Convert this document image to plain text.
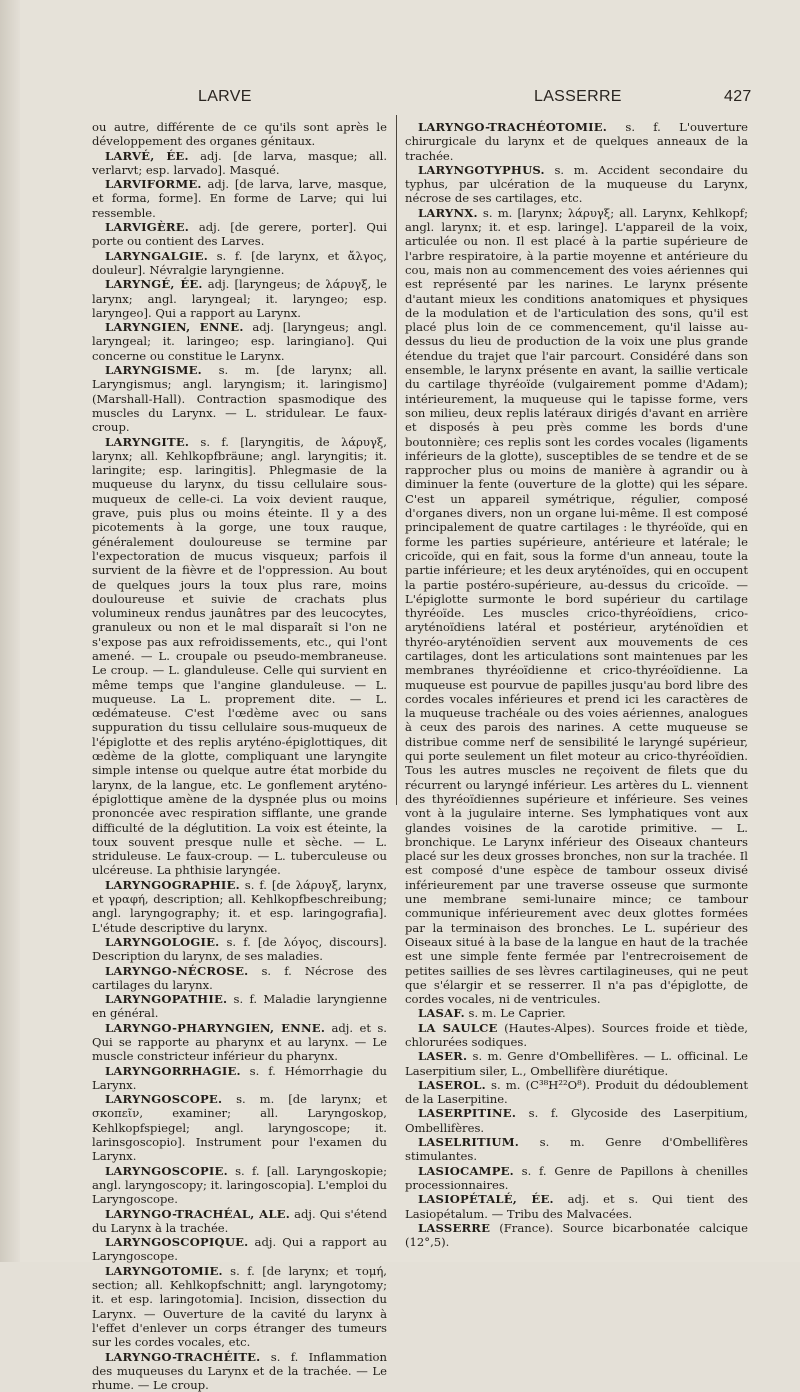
LARVE	LASSERRE	427

ou autre, différente de ce qu'ils sont après le développement des organes génitaux.

LARVÉ, ÉE. adj. [de larva, masque; all. verlarvt; esp. larvado]. Masqué.

LARVIFORME. adj. [de larva, larve, masque, et forma, forme]. En forme de Larve; qui lui ressemble.

LARVIGÈRE. adj. [de gerere, porter]. Qui porte ou contient des Larves.

LARYNGALGIE. s. f. [de larynx, et ἄλγος, douleur]. Névralgie laryngienne.

LARYNGÉ, ÉE. adj. [laryngeus; de λάρυγξ, le larynx; angl. laryngeal; it. laryngeo; esp. laryngeo]. Qui a rapport au Larynx.

LARYNGIEN, ENNE. adj. [laryngeus; angl. laryngeal; it. laringeo; esp. laringiano]. Qui concerne ou constitue le Larynx.

LARYNGISME. s. m. [de larynx; all. Laryngismus; angl. laryngism; it. laringismo] (Marshall-Hall). Contraction spasmodique des muscles du Larynx. — L. stridulear. Le faux-croup.

LARYNGITE. s. f. [laryngitis, de λάρυγξ, larynx; all. Kehlkopfbräune; angl. laryngitis; it. laringite; esp. laringitis]. Phlegmasie de la muqueuse du larynx, du tissu cellulaire sous-muqueux de celle-ci. La voix devient rauque, grave, puis plus ou moins éteinte. Il y a des picotements à la gorge, une toux rauque, généralement douloureuse se termine par l'expectoration de mucus visqueux; parfois il survient de la fièvre et de l'oppression. Au bout de quelques jours la toux plus rare, moins douloureuse et suivie de crachats plus volumineux rendus jaunâtres par des leucocytes, granuleux ou non et le mal disparaît si l'on ne s'expose pas aux refroidissements, etc., qui l'ont amené. — L. croupale ou pseudo-membraneuse. Le croup. — L. glanduleuse. Celle qui survient en même temps que l'angine glanduleuse. — L. muqueuse. La L. proprement dite. — L. œdémateuse. C'est l'œdème avec ou sans suppuration du tissu cellulaire sous-muqueux de l'épiglotte et des replis aryténo-épiglottiques, dit œdème de la glotte, compliquant une laryngite simple intense ou quelque autre état morbide du larynx, de la langue, etc. Le gonflement aryténo-épiglottique amène de la dyspnée plus ou moins prononcée avec respiration sifflante, une grande difficulté de la déglutition. La voix est éteinte, la toux souvent presque nulle et sèche. — L. striduleuse. Le faux-croup. — L. tuberculeuse ou ulcéreuse. La phthisie laryngée.

LARYNGOGRAPHIE. s. f. [de λάρυγξ, larynx, et γραφή, description; all. Kehlkopfbeschreibung; angl. laryngography; it. et esp. laringografia]. L'étude descriptive du larynx.

LARYNGOLOGIE. s. f. [de λόγος, discours]. Description du larynx, de ses maladies.

LARYNGO-NÉCROSE. s. f. Nécrose des cartilages du larynx.

LARYNGOPATHIE. s. f. Maladie laryngienne en général.

LARYNGO-PHARYNGIEN, ENNE. adj. et s. Qui se rapporte au pharynx et au larynx. — Le muscle constricteur inférieur du pharynx.

LARYNGORRHAGIE. s. f. Hémorrhagie du Larynx.

LARYNGOSCOPE. s. m. [de larynx; et σκοπεῖν, examiner; all. Laryngoskop, Kehlkopfspiegel; angl. laryngoscope; it. larinsgoscopio]. Instrument pour l'examen du Larynx.

LARYNGOSCOPIE. s. f. [all. Laryngoskopie; angl. laryngoscopy; it. laringoscopia]. L'emploi du Laryngoscope.

LARYNGO-TRACHÉAL, ALE. adj. Qui s'étend du Larynx à la trachée.

LARYNGOSCOPIQUE. adj. Qui a rapport au Laryngoscope.

LARYNGOTOMIE. s. f. [de larynx; et τομή, section; all. Kehlkopfschnitt; angl. laryngotomy; it. et esp. laringotomia]. Incision, dissection du Larynx. — Ouverture de la cavité du larynx à l'effet d'enlever un corps étranger des tumeurs sur les cordes vocales, etc.

LARYNGO-TRACHÉITE. s. f. Inflammation des muqueuses du Larynx et de la trachée. — Le rhume. — Le croup.

LARYNGO-TRACHÉOTOMIE. s. f. L'ouverture chirurgicale du larynx et de quelques anneaux de la trachée.

LARYNGOTYPHUS. s. m. Accident secondaire du typhus, par ulcération de la muqueuse du Larynx, nécrose de ses cartilages, etc.

LARYNX. s. m. [larynx; λάρυγξ; all. Larynx, Kehlkopf; angl. larynx; it. et esp. laringe]. L'appareil de la voix, articulée ou non. Il est placé à la partie supérieure de l'arbre respiratoire, à la partie moyenne et antérieure du cou, mais non au commencement des voies aériennes qui est représenté par les narines. Le larynx présente d'autant mieux les conditions anatomiques et physiques de la modulation et de l'articulation des sons, qu'il est placé plus loin de ce commencement, qu'il laisse au-dessus du lieu de production de la voix une plus grande étendue du trajet que l'air parcourt. Considéré dans son ensemble, le larynx présente en avant, la saillie verticale du cartilage thyréoïde (vulgairement pomme d'Adam); intérieurement, la muqueuse qui le tapisse forme, vers son milieu, deux replis latéraux dirigés d'avant en arrière et disposés à peu près comme les bords d'une boutonnière; ces replis sont les cordes vocales (ligaments inférieurs de la glotte), susceptibles de se tendre et de se rapprocher plus ou moins de manière à agrandir ou à diminuer la fente (ouverture de la glotte) qui les sépare. C'est un appareil symétrique, régulier, composé d'organes divers, non un organe lui-même. Il est composé principalement de quatre cartilages : le thyréoïde, qui en forme les parties supérieure, antérieure et latérale; le cricoïde, qui en fait, sous la forme d'un anneau, toute la partie inférieure; et les deux aryténoïdes, qui en occupent la partie postéro-supérieure, au-dessus du cricoïde. — L'épiglotte surmonte le bord supérieur du cartilage thyréoïde. Les muscles crico-thyréoïdiens, crico-aryténoïdiens latéral et postérieur, aryténoïdien et thyréo-aryténoïdien servent aux mouvements de ces cartilages, dont les articulations sont maintenues par les membranes thyréoïdienne et crico-thyréoïdienne. La muqueuse est pourvue de papilles jusqu'au bord libre des cordes vocales inférieures et prend ici les caractères de la muqueuse trachéale ou des voies aériennes, analogues à ceux des parois des narines. A cette muqueuse se distribue comme nerf de sensibilité le laryngé supérieur, qui porte seulement un filet moteur au crico-thyréoïdien. Tous les autres muscles ne reçoivent de filets que du récurrent ou laryngé inférieur. Les artères du L. viennent des thyréoïdiennes supérieure et inférieure. Ses veines vont à la jugulaire interne. Ses lymphatiques vont aux glandes voisines de la carotide primitive. — L. bronchique. Le Larynx inférieur des Oiseaux chanteurs placé sur les deux grosses bronches, non sur la trachée. Il est composé d'une espèce de tambour osseux divisé inférieurement par une traverse osseuse que surmonte une membrane semi-lunaire mince; ce tambour communique inférieurement avec deux glottes formées par la terminaison des bronches. Le L. supérieur des Oiseaux situé à la base de la langue en haut de la trachée est une simple fente fermée par l'entrecroisement de petites saillies de ses lèvres cartilagineuses, qui ne peut que s'élargir et se resserrer. Il n'a pas d'épiglotte, de cordes vocales, ni de ventricules.

LASAF. s. m. Le Caprier.

LA SAULCE (Hautes-Alpes). Sources froide et tiède, chlorurées sodiques.

LASER. s. m. Genre d'Ombellifères. — L. officinal. Le Laserpitium siler, L., Ombellifère diurétique.

LASEROL. s. m. (C³⁸H²²O⁸). Produit du dédoublement de la Laserpitine.

LASERPITINE. s. f. Glycoside des Laserpitium, Ombellifères.

LASELRITIUM. s. m. Genre d'Ombellifères stimulantes.

LASIOCAMPE. s. f. Genre de Papillons à chenilles processionnaires.

LASIOPÉTALÉ, ÉE. adj. et s. Qui tient des Lasiopétalum. — Tribu des Malvacées.

LASSERRE (France). Source bicarbonatée calcique (12°,5).
